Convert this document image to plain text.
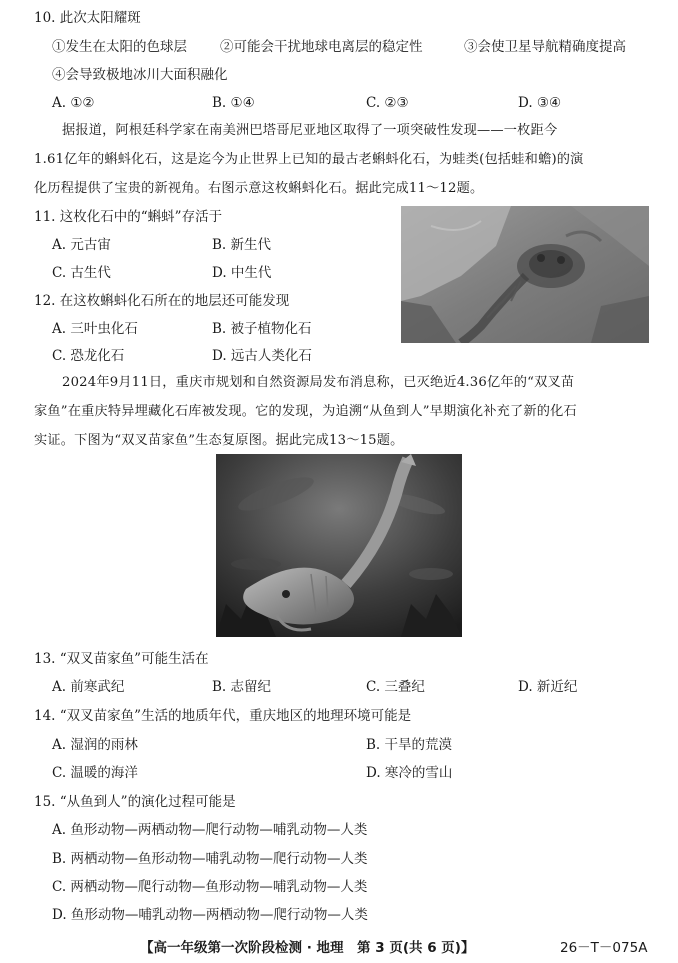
10. 此次太阳耀斑
①发生在太阳的色球层 ②可能会干扰地球电离层的稳定性	③会使卫星导航精确度提高
④会导致极地冰川大面积融化
A. ①②	B. ①④	C. ②③	D. ③④
据报道，阿根廷科学家在南美洲巴塔哥尼亚地区取得了一项突破性发现——一枚距今
1.61亿年的蝌蚪化石，这是迄今为止世界上已知的最古老蝌蚪化石，为蛙类(包括蛙和蟾)的演
化历程提供了宝贵的新视角。右图示意这枚蝌蚪化石。据此完成11～12题。
11. 这枚化石中的“蝌蚪”存活于
A. 元古宙	B. 新生代
C. 古生代	D. 中生代
12. 在这枚蝌蚪化石所在的地层还可能发现
A. 三叶虫化石	B. 被子植物化石
C. 恐龙化石	D. 远古人类化石
2024年9月11日，重庆市规划和自然资源局发布消息称，已灭绝近4.36亿年的“双叉苗
家鱼”在重庆特异埋藏化石库被发现。它的发现，为追溯“从鱼到人”早期演化补充了新的化石
实证。下图为“双叉苗家鱼”生态复原图。据此完成13～15题。
13. “双叉苗家鱼”可能生活在
A. 前寒武纪	B. 志留纪	C. 三叠纪	D. 新近纪
14. “双叉苗家鱼”生活的地质年代，重庆地区的地理环境可能是
A. 湿润的雨林	B. 干旱的荒漠
C. 温暖的海洋	D. 寒冷的雪山
15. “从鱼到人”的演化过程可能是
A. 鱼形动物—两栖动物—爬行动物—哺乳动物—人类
B. 两栖动物—鱼形动物—哺乳动物—爬行动物—人类
C. 两栖动物—爬行动物—鱼形动物—哺乳动物—人类
D. 鱼形动物—哺乳动物—两栖动物—爬行动物—人类
【高一年级第一次阶段检测 · 地理　第 3 页(共 6 页)】	26－T－075A
